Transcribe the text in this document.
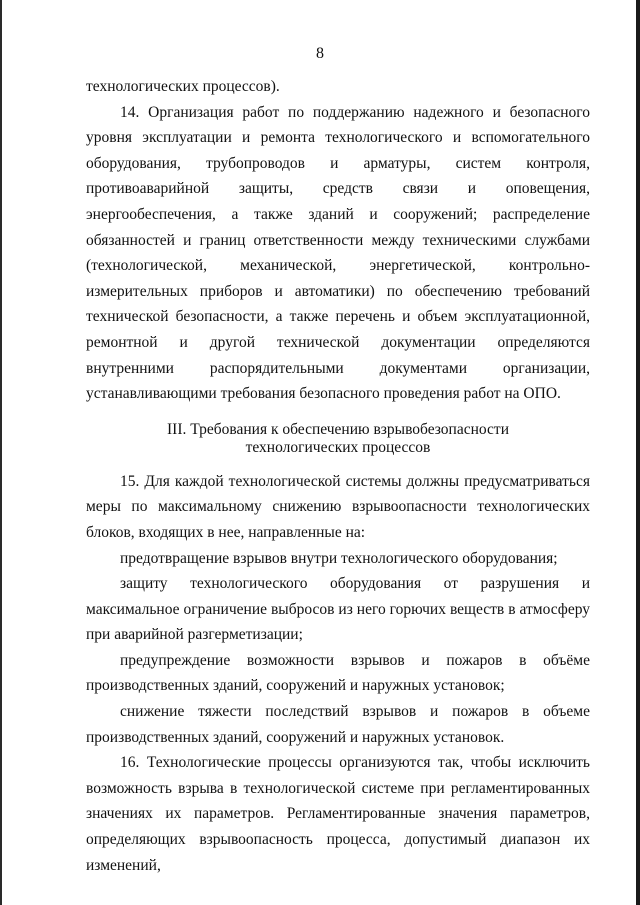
8

технологических процессов).

14. Организация работ по поддержанию надежного и безопасного уровня эксплуатации и ремонта технологического и вспомогательного оборудования, трубопроводов и арматуры, систем контроля, противоаварийной защиты, средств связи и оповещения, энергообеспечения, а также зданий и сооружений; распределение обязанностей и границ ответственности между техническими службами (технологической, механической, энергетической, контрольно-измерительных приборов и автоматики) по обеспечению требований технической безопасности, а также перечень и объем эксплуатационной, ремонтной и другой технической документации определяются внутренними распорядительными документами организации, устанавливающими требования безопасного проведения работ на ОПО.

III. Требования к обеспечению взрывобезопасности
технологических процессов

15. Для каждой технологической системы должны предусматриваться меры по максимальному снижению взрывоопасности технологических блоков, входящих в нее, направленные на:

предотвращение взрывов внутри технологического оборудования;

защиту технологического оборудования от разрушения и максимальное ограничение выбросов из него горючих веществ в атмосферу при аварийной разгерметизации;

предупреждение возможности взрывов и пожаров в объёме производственных зданий, сооружений и наружных установок;

снижение тяжести последствий взрывов и пожаров в объеме производственных зданий, сооружений и наружных установок.

16. Технологические процессы организуются так, чтобы исключить возможность взрыва в технологической системе при регламентированных значениях их параметров. Регламентированные значения параметров, определяющих взрывоопасность процесса, допустимый диапазон их изменений,
